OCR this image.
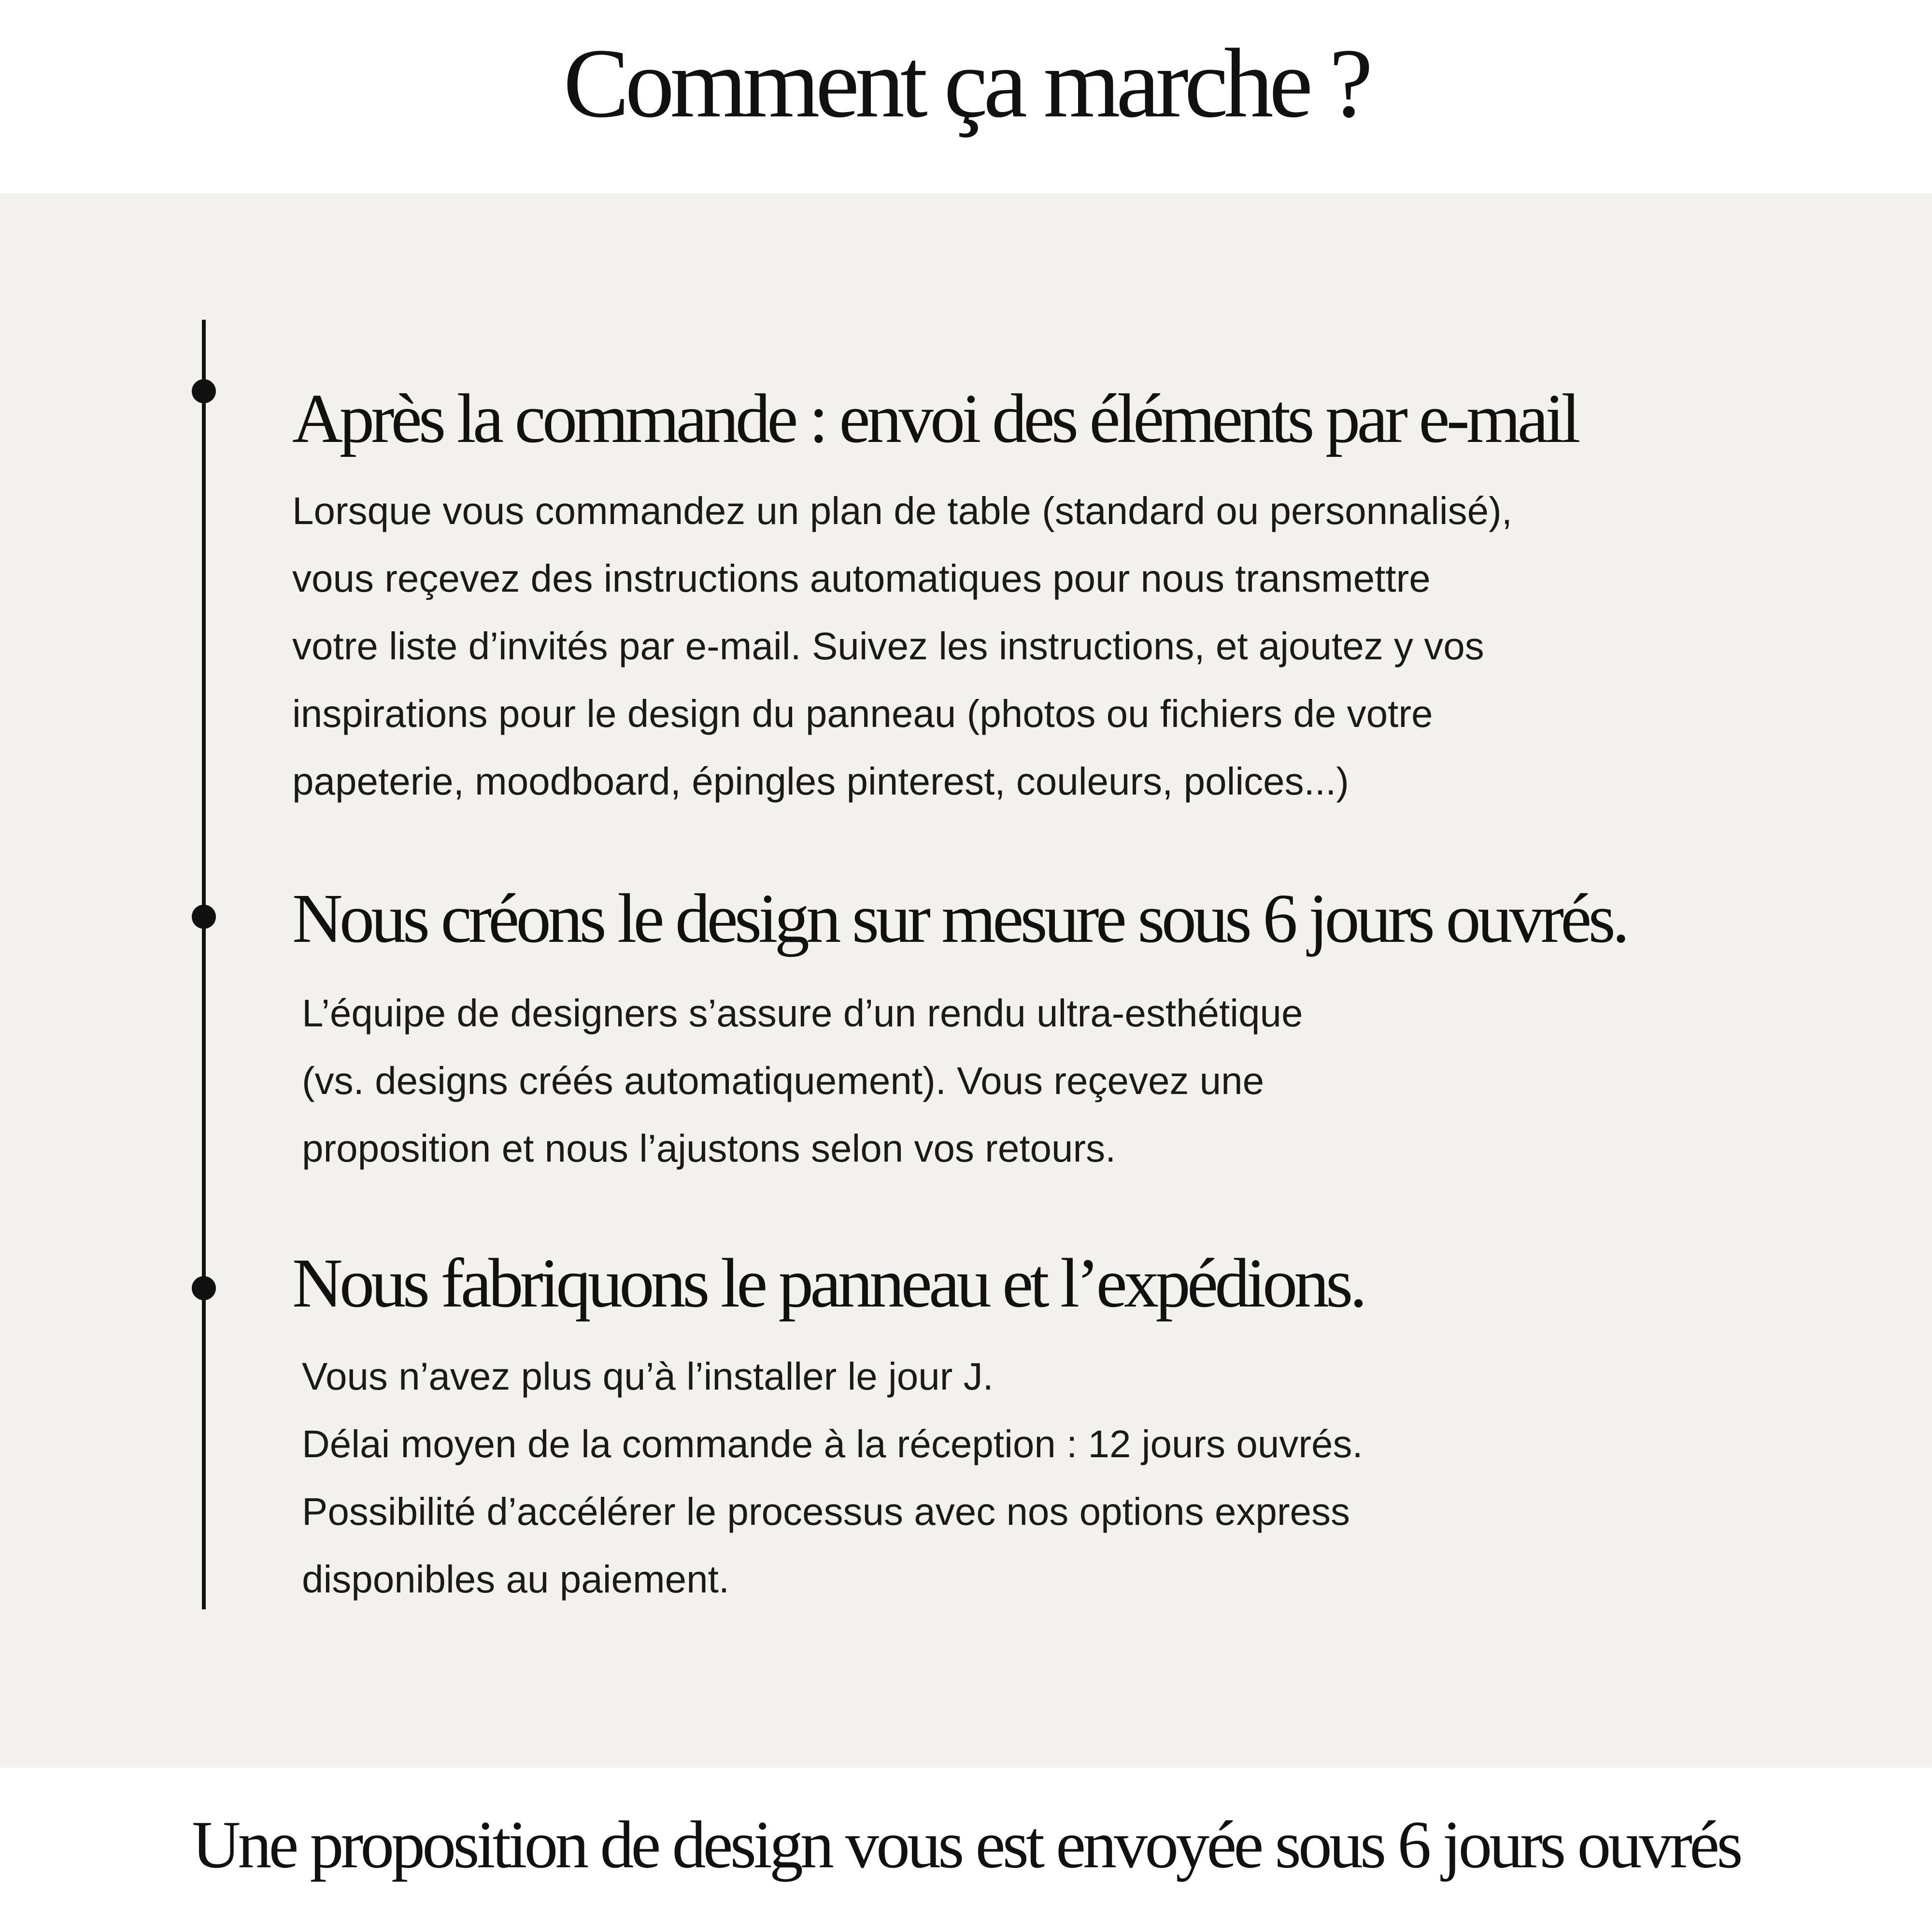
Comment ça marche ?
Après la commande : envoi des éléments par e-mail
Lorsque vous commandez un plan de table (standard ou personnalisé),
vous reçevez des instructions automatiques pour nous transmettre
votre liste d’invités par e-mail. Suivez les instructions, et ajoutez y vos
inspirations pour le design du panneau (photos ou fichiers de votre
papeterie, moodboard, épingles pinterest, couleurs, polices...)
Nous créons le design sur mesure sous 6 jours ouvrés.
L’équipe de designers s’assure d’un rendu ultra-esthétique
(vs. designs créés automatiquement). Vous reçevez une
proposition et nous l’ajustons selon vos retours.
Nous fabriquons le panneau et l’expédions.
Vous n’avez plus qu’à l’installer le jour J.
Délai moyen de la commande à la réception : 12 jours ouvrés.
Possibilité d’accélérer le processus avec nos options express
disponibles au paiement.

Une proposition de design vous est envoyée sous 6 jours ouvrés
